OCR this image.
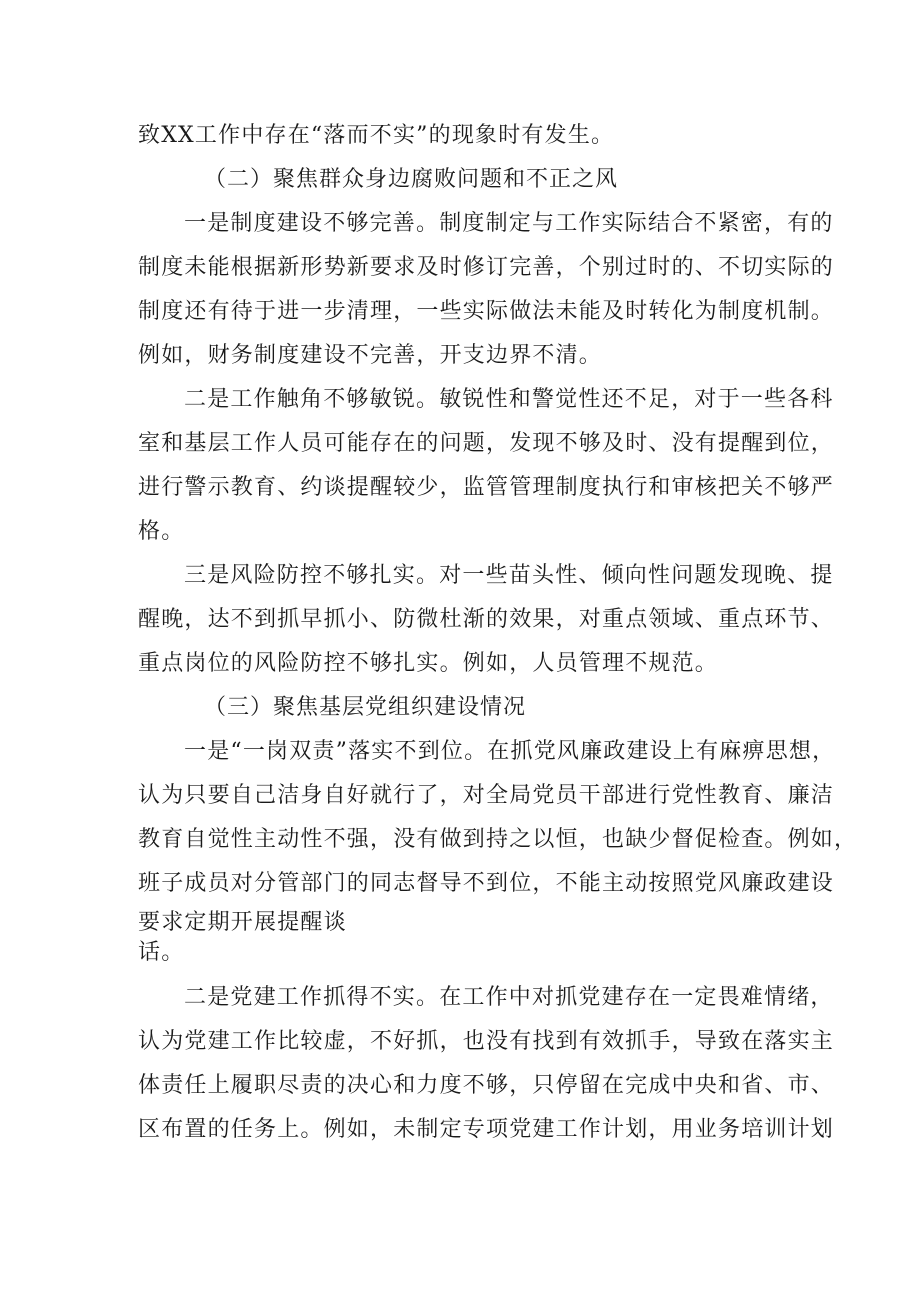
致XX工作中存在“落而不实”的现象时有发生。
（二）聚焦群众身边腐败问题和不正之风
一是制度建设不够完善。制度制定与工作实际结合不紧密，有的
制度未能根据新形势新要求及时修订完善，个别过时的、不切实际的
制度还有待于进一步清理，一些实际做法未能及时转化为制度机制。
例如，财务制度建设不完善，开支边界不清。
二是工作触角不够敏锐。敏锐性和警觉性还不足，对于一些各科
室和基层工作人员可能存在的问题，发现不够及时、没有提醒到位，
进行警示教育、约谈提醒较少，监管管理制度执行和审核把关不够严
格。
三是风险防控不够扎实。对一些苗头性、倾向性问题发现晚、提
醒晚，达不到抓早抓小、防微杜渐的效果，对重点领域、重点环节、
重点岗位的风险防控不够扎实。例如，人员管理不规范。
（三）聚焦基层党组织建设情况
一是“一岗双责”落实不到位。在抓党风廉政建设上有麻痹思想，
认为只要自己洁身自好就行了，对全局党员干部进行党性教育、廉洁
教育自觉性主动性不强，没有做到持之以恒，也缺少督促检查。例如，
班子成员对分管部门的同志督导不到位，不能主动按照党风廉政建设
要求定期开展提醒谈
话。
二是党建工作抓得不实。在工作中对抓党建存在一定畏难情绪，
认为党建工作比较虚，不好抓，也没有找到有效抓手，导致在落实主
体责任上履职尽责的决心和力度不够，只停留在完成中央和省、市、
区布置的任务上。例如，未制定专项党建工作计划，用业务培训计划
